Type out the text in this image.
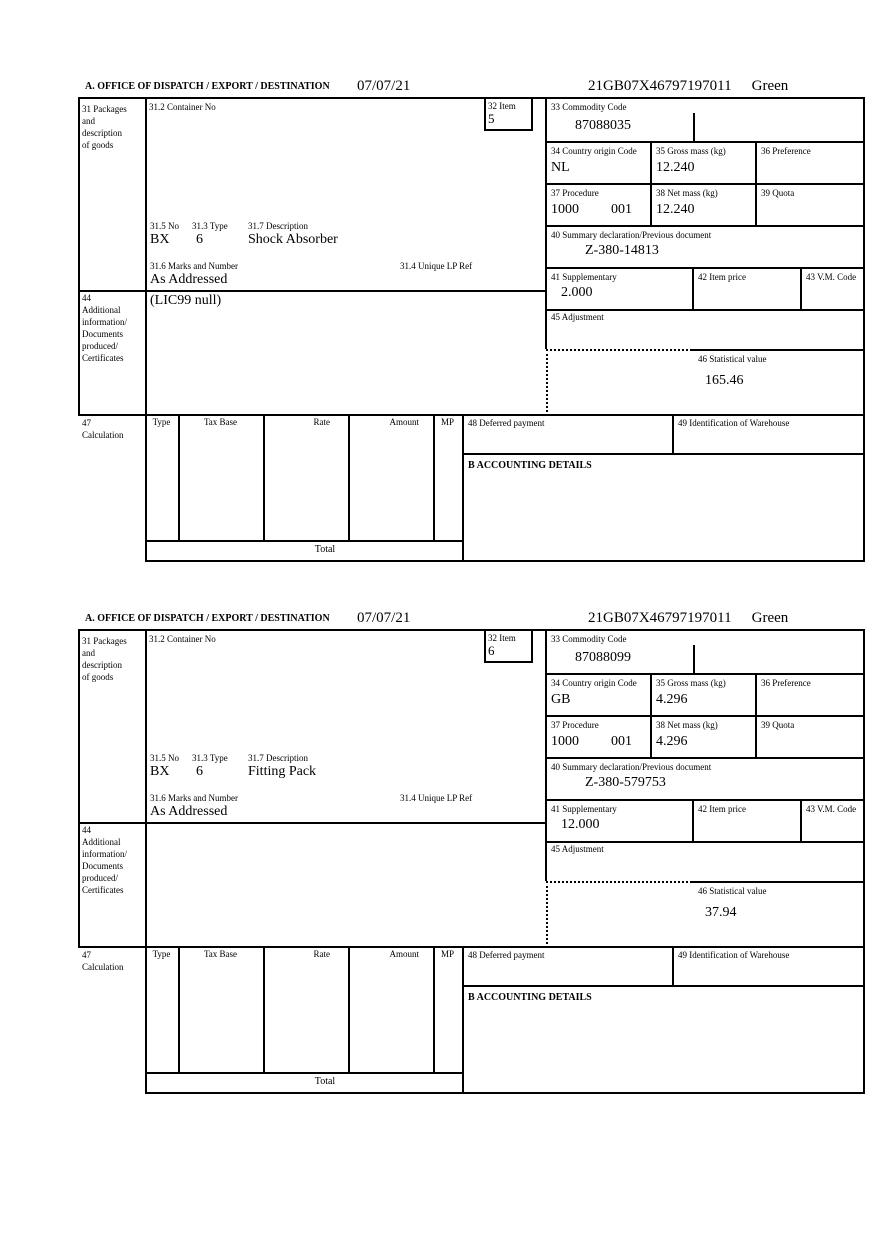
A. OFFICE OF DISPATCH / EXPORT / DESTINATION 07/07/21	21GB07X46797197011 Green
31 Packages
and
description
of goods
31.2 Container No	32 Item
5
33 Commodity Code
87088035
34 Country origin Code
NL
35 Gross mass (kg)
12.240
36 Preference
37 Procedure
1000 001
38 Net mass (kg)
12.240
39 Quota
40 Summary declaration/Previous document
Z-380-14813
41 Supplementary
2.000
42 Item price	43 V.M. Code
45 Adjustment
46 Statistical value
165.46
31.5 No 31.3 Type 31.7 Description
BX 6	Shock Absorber
31.6 Marks and Number	31.4 Unique LP Ref
As Addressed
44
Additional
information/
Documents
produced/
Certificates
(LIC99 null)
47
Calculation
Type	Tax Base	Rate	Amount	MP
Total
48 Deferred payment	49 Identification of Warehouse
B ACCOUNTING DETAILS
A. OFFICE OF DISPATCH / EXPORT / DESTINATION 07/07/21	21GB07X46797197011 Green
31 Packages
and
description
of goods
31.2 Container No	32 Item
6
33 Commodity Code
87088099
34 Country origin Code
GB
35 Gross mass (kg)
4.296
36 Preference
37 Procedure
1000 001
38 Net mass (kg)
4.296
39 Quota
40 Summary declaration/Previous document
Z-380-579753
41 Supplementary
12.000
42 Item price	43 V.M. Code
45 Adjustment
46 Statistical value
37.94
31.5 No 31.3 Type 31.7 Description
BX 6	Fitting Pack
31.6 Marks and Number	31.4 Unique LP Ref
As Addressed
44
Additional
information/
Documents
produced/
Certificates
47
Calculation
Type	Tax Base	Rate	Amount	MP
Total
48 Deferred payment	49 Identification of Warehouse
B ACCOUNTING DETAILS
